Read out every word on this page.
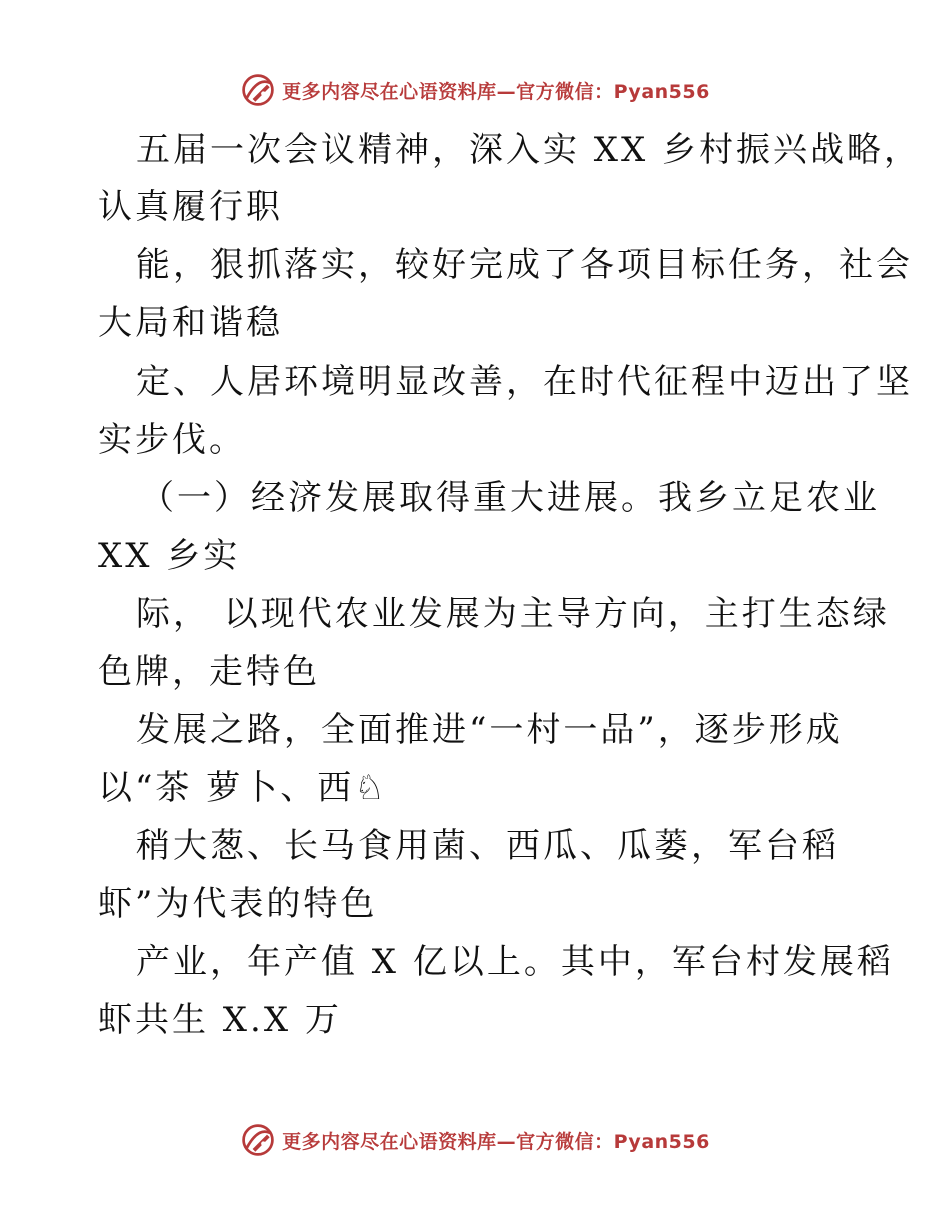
更多内容尽在心语资料库—官方微信：Pyan556
五届一次会议精神，深入实 XX 乡村振兴战略，
认真履行职
能，狠抓落实，较好完成了各项目标任务，社会
大局和谐稳
定、人居环境明显改善，在时代征程中迈出了坚
实步伐。
（一）经济发展取得重大进展。我乡立足农业
XX 乡实
际， 以现代农业发展为主导方向，主打生态绿
色牌，走特色
发展之路，全面推进“一村一品”，逐步形成
以“茶 萝卜、西♘
稍大葱、长马食用菌、西瓜、瓜蒌，军台稻
虾”为代表的特色
产业，年产值 X 亿以上。其中，军台村发展稻
虾共生 X.X 万
更多内容尽在心语资料库—官方微信：Pyan556
